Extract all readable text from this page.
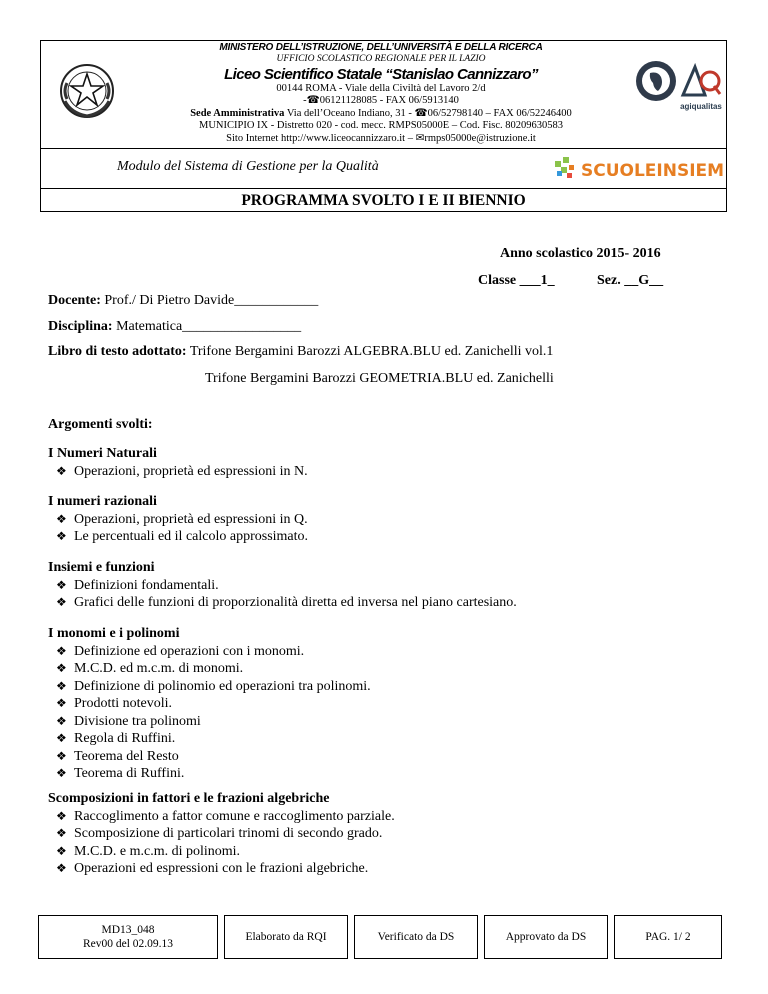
MINISTERO DELL’ISTRUZIONE, DELL’UNIVERSITÀ E DELLA RICERCA
UFFICIO SCOLASTICO REGIONALE PER IL LAZIO
Liceo Scientifico Statale “Stanislao Cannizzaro”
00144 ROMA - Viale della Civiltà del Lavoro 2/d
-☎06121128085 - FAX 06/5913140
Sede Amministrativa Via dell’Oceano Indiano, 31 - ☎06/52798140 – FAX 06/52246400
MUNICIPIO IX - Distretto 020 - cod. mecc. RMPS05000E – Cod. Fisc. 80209630583
Sito Internet http://www.liceocannizzaro.it – ✉rmps05000e@istruzione.it
agiqualitas
Modulo del Sistema di Gestione per la Qualità	SCUOLEINSIEME
PROGRAMMA SVOLTO I E II BIENNIO
Anno scolastico 2015- 2016
Classe ___1_	Sez. __G__
Docente: Prof./ Di Pietro Davide____________
Disciplina: Matematica_________________
Libro di testo adottato: Trifone Bergamini Barozzi ALGEBRA.BLU ed. Zanichelli vol.1
Trifone Bergamini Barozzi GEOMETRIA.BLU ed. Zanichelli
Argomenti svolti:
I Numeri Naturali
❖ Operazioni, proprietà ed espressioni in N.
I numeri razionali
❖ Operazioni, proprietà ed espressioni in Q.
❖ Le percentuali ed il calcolo approssimato.
Insiemi e funzioni
❖ Definizioni fondamentali.
❖ Grafici delle funzioni di proporzionalità diretta ed inversa nel piano cartesiano.
I monomi e i polinomi
❖ Definizione ed operazioni con i monomi.
❖ M.C.D. ed m.c.m. di monomi.
❖ Definizione di polinomio ed operazioni tra polinomi.
❖ Prodotti notevoli.
❖ Divisione tra polinomi
❖ Regola di Ruffini.
❖ Teorema del Resto
❖ Teorema di Ruffini.
Scomposizioni in fattori e le frazioni algebriche
❖ Raccoglimento a fattor comune e raccoglimento parziale.
❖ Scomposizione di particolari trinomi di secondo grado.
❖ M.C.D. e m.c.m. di polinomi.
❖ Operazioni ed espressioni con le frazioni algebriche.
MD13_048
Rev00 del 02.09.13
Elaborato da RQI	Verificato da DS	Approvato da DS	PAG. 1/ 2
